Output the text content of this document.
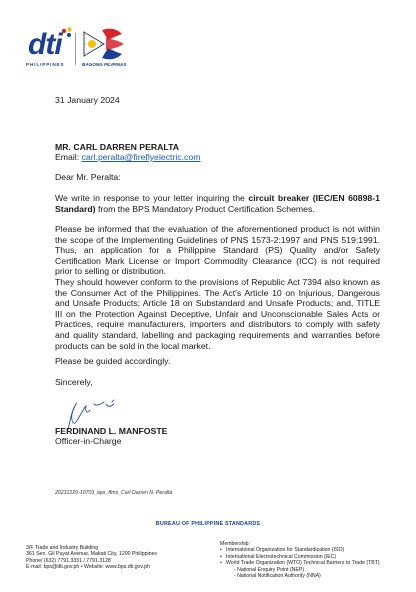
dti
PHILIPPINES	BAGONG PILIPINAS
31 January 2024
MR. CARL DARREN PERALTA
Email: carl.peralta@fireflyelectric.com
Dear Mr. Peralta:
We write in response to your letter inquiring the circuit breaker (IEC/EN 60898-1 Standard) from the BPS Mandatory Product Certification Schemes.
Please be informed that the evaluation of the aforementioned product is not within the scope of the Implementing Guidelines of PNS 1573-2:1997 and PNS 519:1991. Thus, an application for a Philippine Standard (PS) Quality and/or Safety Certification Mark License or Import Commodity Clearance (ICC) is not required prior to selling or distribution.
They should however conform to the provisions of Republic Act 7394 also known as the Consumer Act of the Philippines. The Act's Article 10 on Injurious, Dangerous and Unsafe Products; Article 18 on Substandard and Unsafe Products; and, TITLE III on the Protection Against Deceptive, Unfair and Unconscionable Sales Acts or Practices, require manufacturers, importers and distributors to comply with safety and quality standard, labelling and packaging requirements and warranties before products can be sold in the local market.
Please be guided accordingly.
Sincerely,
FERDINAND L. MANFOSTE
Officer-in-Charge
20231220-10703_eps_ffms_Carl Darren N. Peralta
BUREAU OF PHILIPPINE STANDARDS
3/F Trade and Industry Building
361 Sen. Gil Puyat Avenue, Makati City, 1200 Philippines
Phone/ (632) 7791.3331 / 7791.3128
E-mail: bps@dti.gov.ph • Website: www.bps.dti.gov.ph
Membership:
• International Organization for Standardization (ISO)
• International Electrotechnical Commission (IEC)
• World Trade Organization (WTO) Technical Barriers to Trade (TBT)
- National Enquiry Point (NEP)
- National Notification Authority (NNA)
